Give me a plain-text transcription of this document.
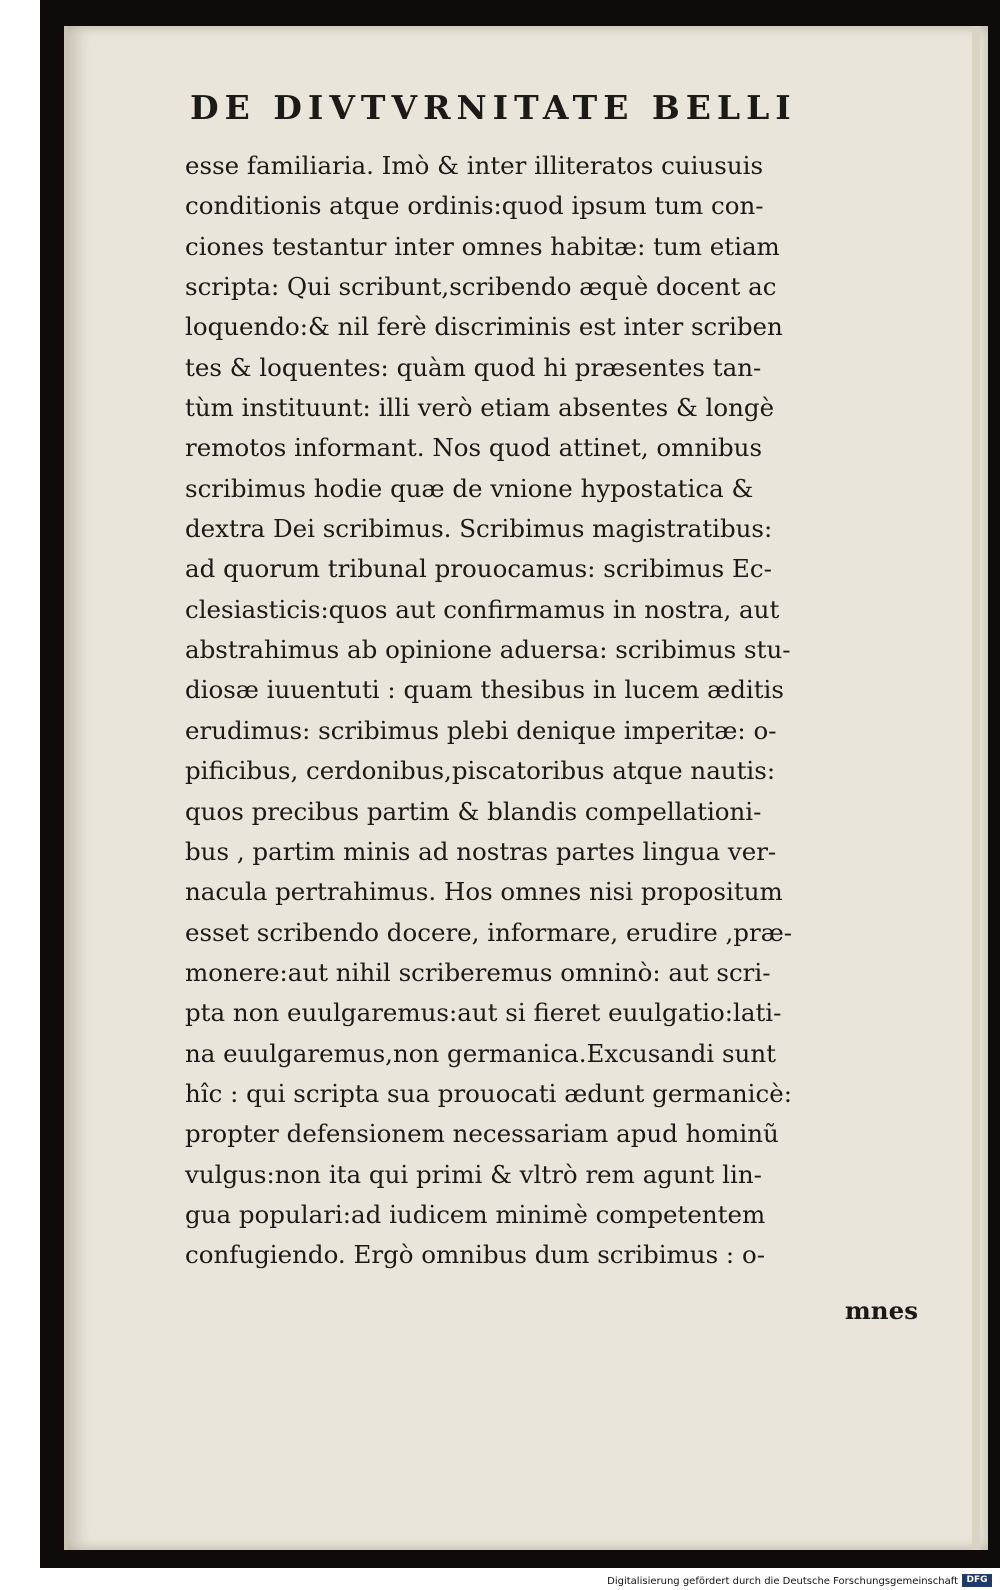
DE DIVTVRNITATE BELLI
esse familiaria. Imò & inter illiteratos cuiusuis
conditionis atque ordinis:quod ipsum tum con-
ciones testantur inter omnes habitæ: tum etiam
scripta: Qui scribunt,scribendo æquè docent ac
loquendo:& nil ferè discriminis est inter scriben
tes & loquentes: quàm quod hi præsentes tan-
tùm instituunt: illi verò etiam absentes & longè
remotos informant. Nos quod attinet, omnibus
scribimus hodie quæ de vnione hypostatica &
dextra Dei scribimus. Scribimus magistratibus:
ad quorum tribunal prouocamus: scribimus Ec-
clesiasticis:quos aut confirmamus in nostra, aut
abstrahimus ab opinione aduersa: scribimus stu-
diosæ iuuentuti : quam thesibus in lucem æditis
erudimus: scribimus plebi denique imperitæ: o-
pificibus, cerdonibus,piscatoribus atque nautis:
quos precibus partim & blandis compellationi-
bus , partim minis ad nostras partes lingua ver-
nacula pertrahimus. Hos omnes nisi propositum
esset scribendo docere, informare, erudire ,præ-
monere:aut nihil scriberemus omninò: aut scri-
pta non euulgaremus:aut si fieret euulgatio:lati-
na euulgaremus,non germanica.Excusandi sunt
hîc : qui scripta sua prouocati ædunt germanicè:
propter defensionem necessariam apud hominũ
vulgus:non ita qui primi & vltrò rem agunt lin-
gua populari:ad iudicem minimè competentem
confugiendo. Ergò omnibus dum scribimus : o-

mnes

Digitalisierung gefördert durch die Deutsche Forschungsgemeinschaft DFG
